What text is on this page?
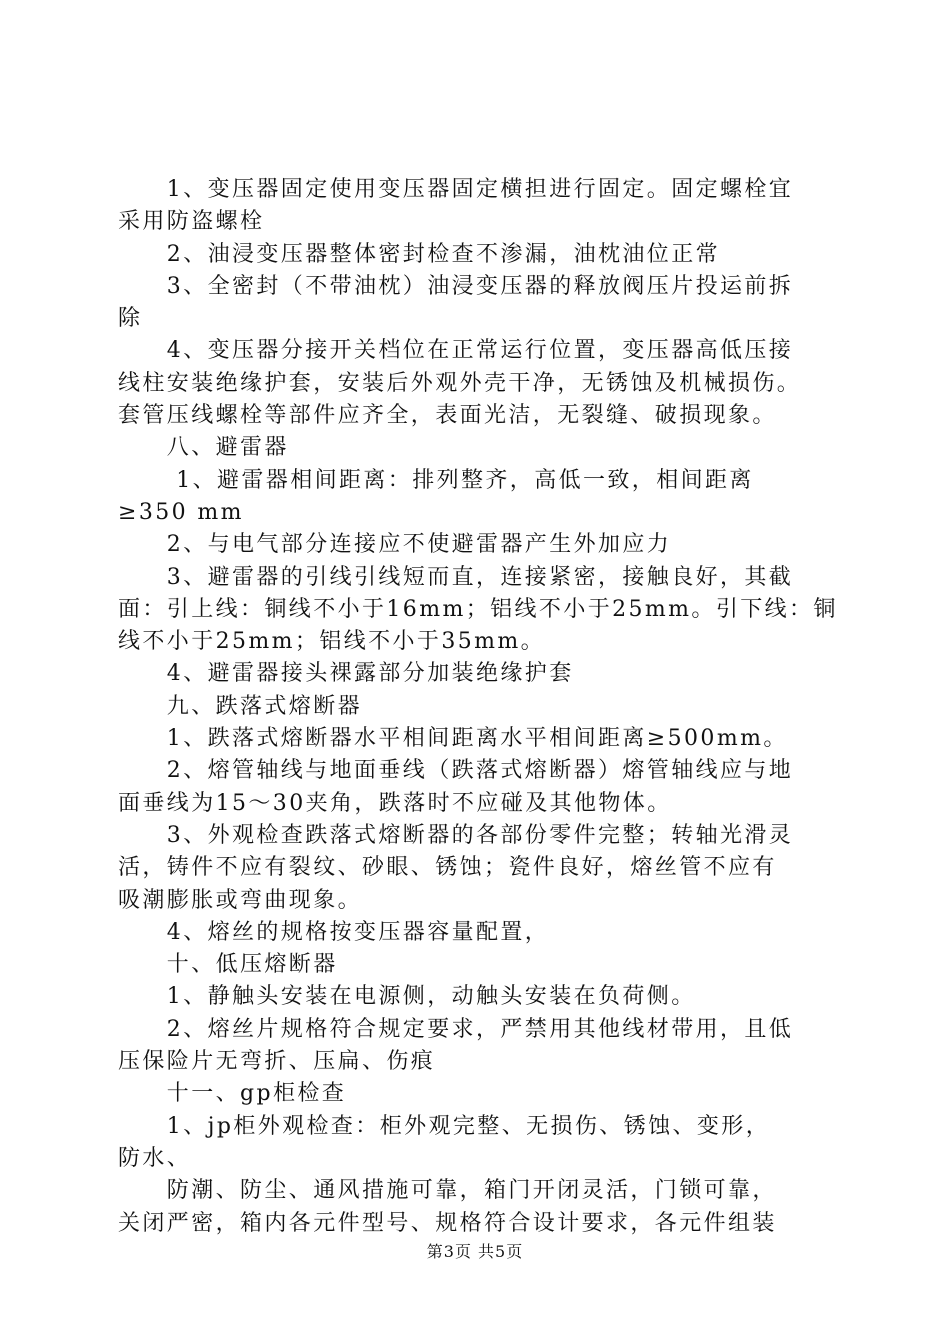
　　1、变压器固定使用变压器固定横担进行固定。固定螺栓宜
采用防盗螺栓
　　2、油浸变压器整体密封检查不渗漏，油枕油位正常
　　3、全密封（不带油枕）油浸变压器的释放阀压片投运前拆
除
　　4、变压器分接开关档位在正常运行位置，变压器高低压接
线柱安装绝缘护套，安装后外观外壳干净，无锈蚀及机械损伤。
套管压线螺栓等部件应齐全，表面光洁，无裂缝、破损现象。
　　八、避雷器
　　 1、避雷器相间距离：排列整齐，高低一致，相间距离
≥350 mm
　　2、与电气部分连接应不使避雷器产生外加应力
　　3、避雷器的引线引线短而直，连接紧密，接触良好，其截
面：引上线：铜线不小于16mm；铝线不小于25mm。引下线：铜
线不小于25mm；铝线不小于35mm。
　　4、避雷器接头裸露部分加装绝缘护套
　　九、跌落式熔断器
　　1、跌落式熔断器水平相间距离水平相间距离≥500mm。
　　2、熔管轴线与地面垂线（跌落式熔断器）熔管轴线应与地
面垂线为15～30夹角，跌落时不应碰及其他物体。
　　3、外观检查跌落式熔断器的各部份零件完整；转轴光滑灵
活，铸件不应有裂纹、砂眼、锈蚀；瓷件良好，熔丝管不应有
吸潮膨胀或弯曲现象。
　　4、熔丝的规格按变压器容量配置，
　　十、低压熔断器
　　1、静触头安装在电源侧，动触头安装在负荷侧。
　　2、熔丝片规格符合规定要求，严禁用其他线材带用，且低
压保险片无弯折、压扁、伤痕
　　十一、gp柜检查
　　1、jp柜外观检查：柜外观完整、无损伤、锈蚀、变形，
防水、
　　防潮、防尘、通风措施可靠，箱门开闭灵活，门锁可靠，
关闭严密，箱内各元件型号、规格符合设计要求，各元件组装
第3页 共5页
